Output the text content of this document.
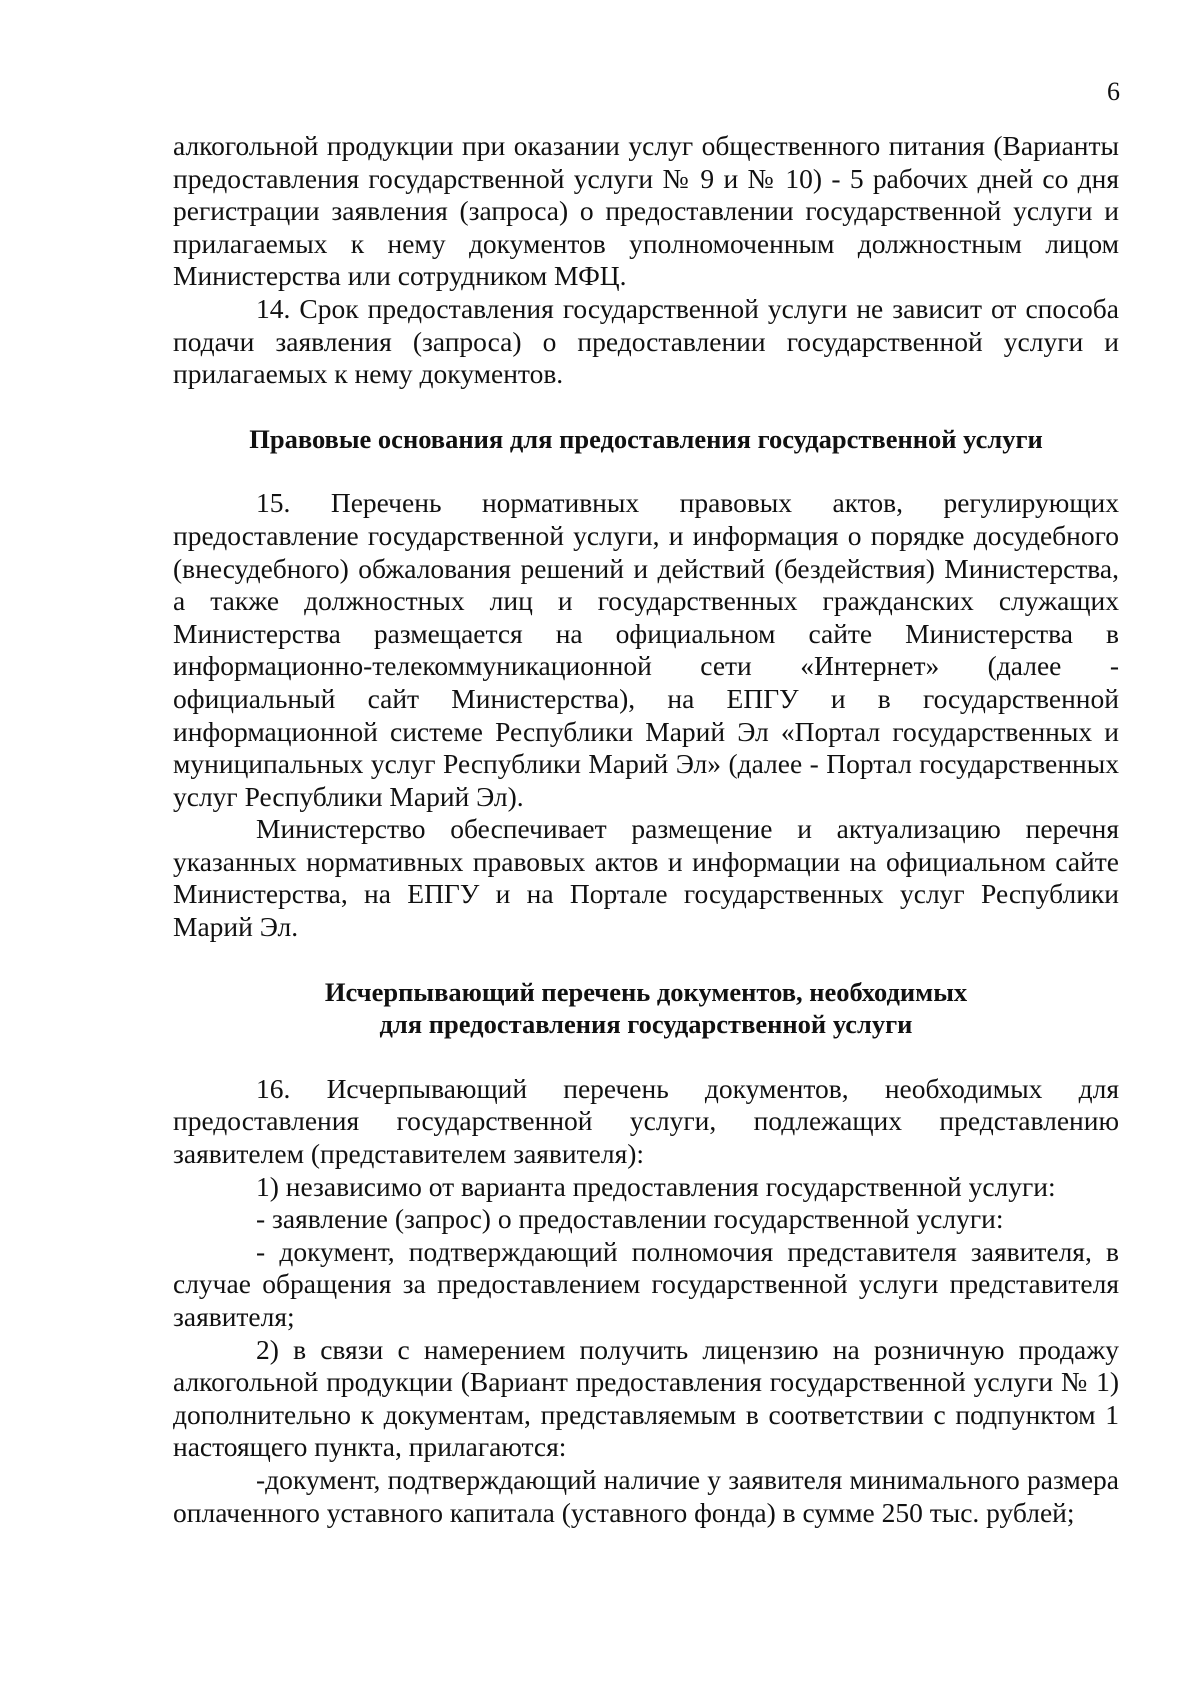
6

алкогольной продукции при оказании услуг общественного питания (Варианты предоставления государственной услуги № 9 и № 10) - 5 рабочих дней со дня регистрации заявления (запроса) о предоставлении государственной услуги и прилагаемых к нему документов уполномоченным должностным лицом Министерства или сотрудником МФЦ.

14. Срок предоставления государственной услуги не зависит от способа подачи заявления (запроса) о предоставлении государственной услуги и прилагаемых к нему документов.

Правовые основания для предоставления государственной услуги

15. Перечень нормативных правовых актов, регулирующих предоставление государственной услуги, и информация о порядке досудебного (внесудебного) обжалования решений и действий (бездействия) Министерства, а также должностных лиц и государственных гражданских служащих Министерства размещается на официальном сайте Министерства в информационно-телекоммуникационной сети «Интернет» (далее - официальный сайт Министерства), на ЕПГУ и в государственной информационной системе Республики Марий Эл «Портал государственных и муниципальных услуг Республики Марий Эл» (далее - Портал государственных услуг Республики Марий Эл).

Министерство обеспечивает размещение и актуализацию перечня указанных нормативных правовых актов и информации на официальном сайте Министерства, на ЕПГУ и на Портале государственных услуг Республики Марий Эл.

Исчерпывающий перечень документов, необходимых
для предоставления государственной услуги

16. Исчерпывающий перечень документов, необходимых для предоставления государственной услуги, подлежащих представлению заявителем (представителем заявителя):

1) независимо от варианта предоставления государственной услуги:

- заявление (запрос) о предоставлении государственной услуги:

- документ, подтверждающий полномочия представителя заявителя, в случае обращения за предоставлением государственной услуги представителя заявителя;

2) в связи с намерением получить лицензию на розничную продажу алкогольной продукции (Вариант предоставления государственной услуги № 1) дополнительно к документам, представляемым в соответствии с подпунктом 1 настоящего пункта, прилагаются:

-документ, подтверждающий наличие у заявителя минимального размера оплаченного уставного капитала (уставного фонда) в сумме 250 тыс. рублей;
